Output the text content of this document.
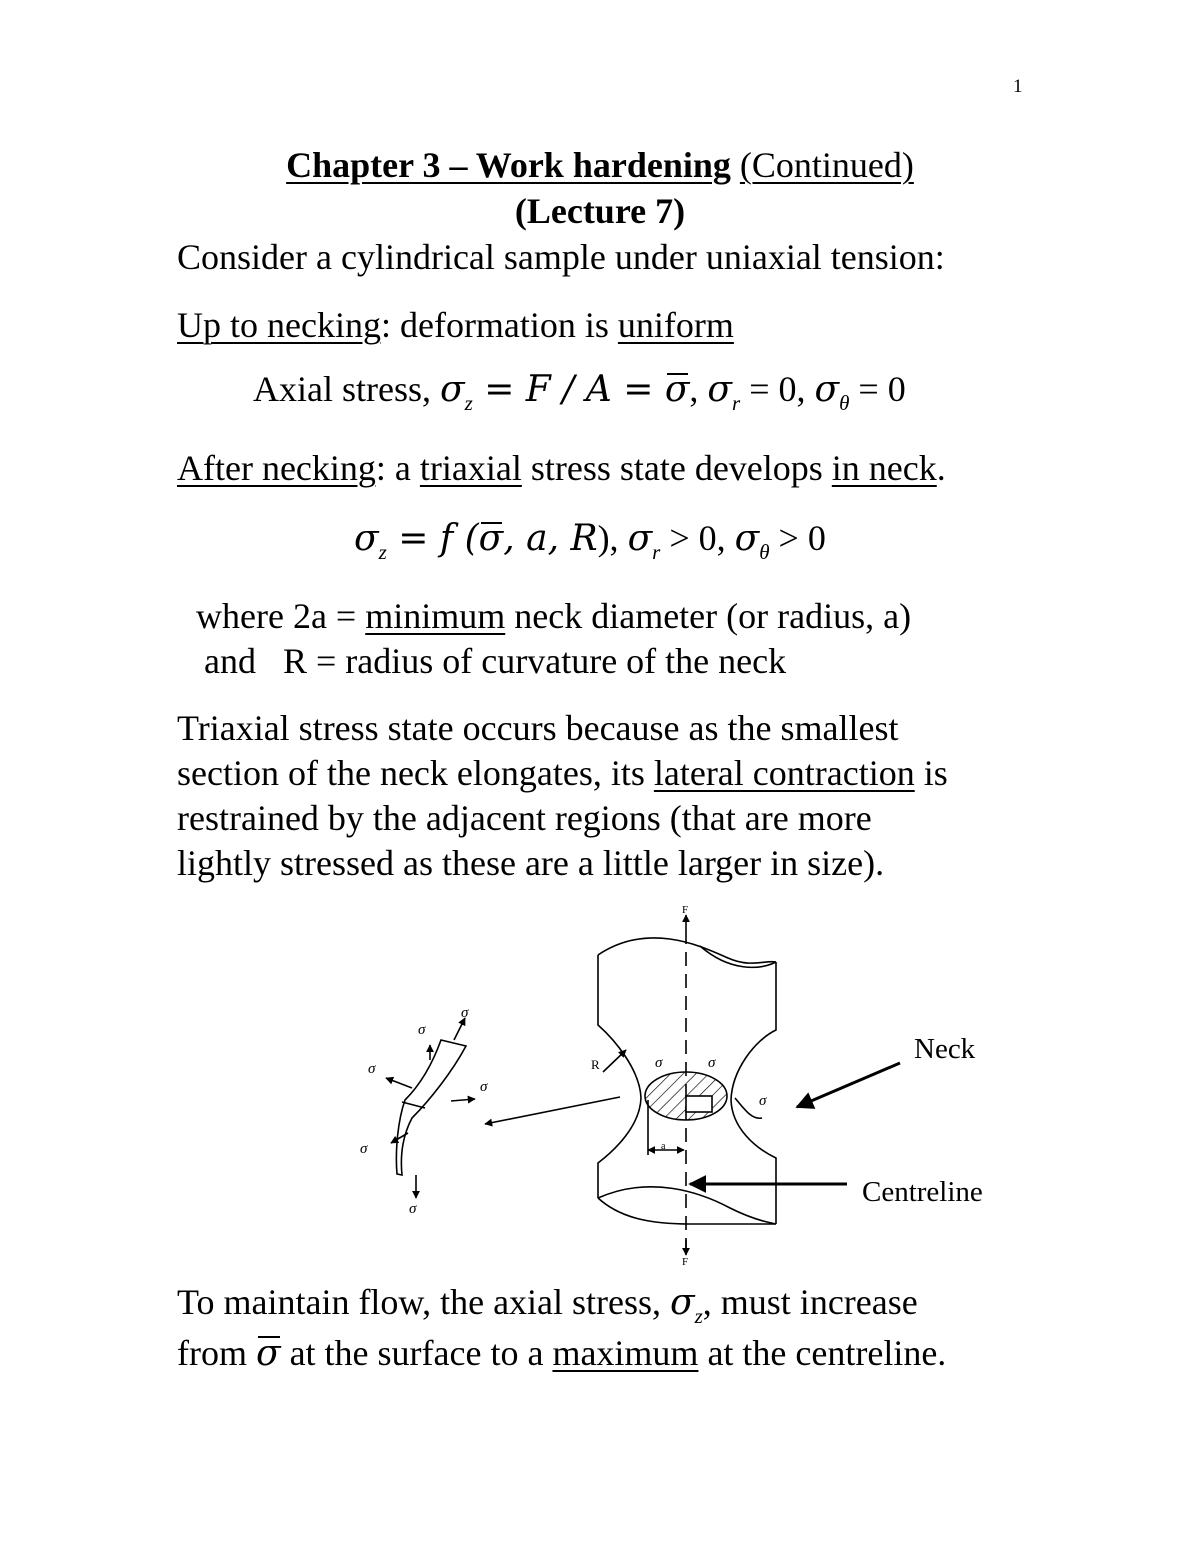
1
Chapter 3 – Work hardening (Continued)
(Lecture 7)
Consider a cylindrical sample under uniaxial tension:
Up to necking: deformation is uniform
Axial stress, $\sigma_z = F / A = \sigma$, $\sigma_r = 0$, $\sigma_\theta = 0$
After necking: a triaxial stress state develops in neck.
$\sigma_z = f$ (σ, a, R), $\sigma_r > 0$, $\sigma_\theta > 0$
where 2a = minimum neck diameter (or radius, a)
and   R = radius of curvature of the neck
Triaxial stress state occurs because as the smallest
section of the neck elongates, its lateral contraction is
restrained by the adjacent regions (that are more
lightly stressed as these are a little larger in size).
F
F
R
a
σ	σ
σ
σ
σ
σ
σ
σ
σ
Neck
Centreline
To maintain flow, the axial stress, $\sigma_z$, must increase
from σ at the surface to a maximum at the centreline.
